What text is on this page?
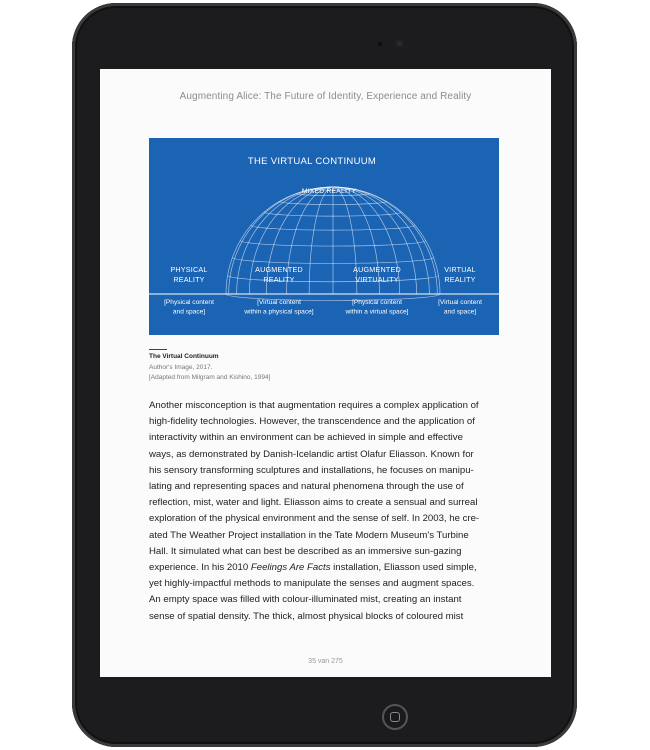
Augmenting Alice: The Future of Identity, Experience and Reality
THE VIRTUAL CONTINUUM
MIXED REALITY
PHYSICAL
REALITY
[Physical content
and space]
AUGMENTED
REALITY
[Virtual content
within a physical space]
AUGMENTED
VIRTUALITY
[Physical content
within a virtual space]
VIRTUAL
REALITY
[Virtual content
and space]
The Virtual Continuum
Author's Image, 2017.
[Adapted from Milgram and Kishino, 1994]
Another misconception is that augmentation requires a complex application of
high-fidelity technologies. However, the transcendence and the application of
interactivity within an environment can be achieved in simple and effective
ways, as demonstrated by Danish-Icelandic artist Olafur Eliasson. Known for
his sensory transforming sculptures and installations, he focuses on manipu-
lating and representing spaces and natural phenomena through the use of
reflection, mist, water and light. Eliasson aims to create a sensual and surreal
exploration of the physical environment and the sense of self. In 2003, he cre-
ated The Weather Project installation in the Tate Modern Museum's Turbine
Hall. It simulated what can best be described as an immersive sun-gazing
experience. In his 2010 Feelings Are Facts installation, Eliasson used simple,
yet highly-impactful methods to manipulate the senses and augment spaces.
An empty space was filled with colour-illuminated mist, creating an instant
sense of spatial density. The thick, almost physical blocks of coloured mist
35 van 275
